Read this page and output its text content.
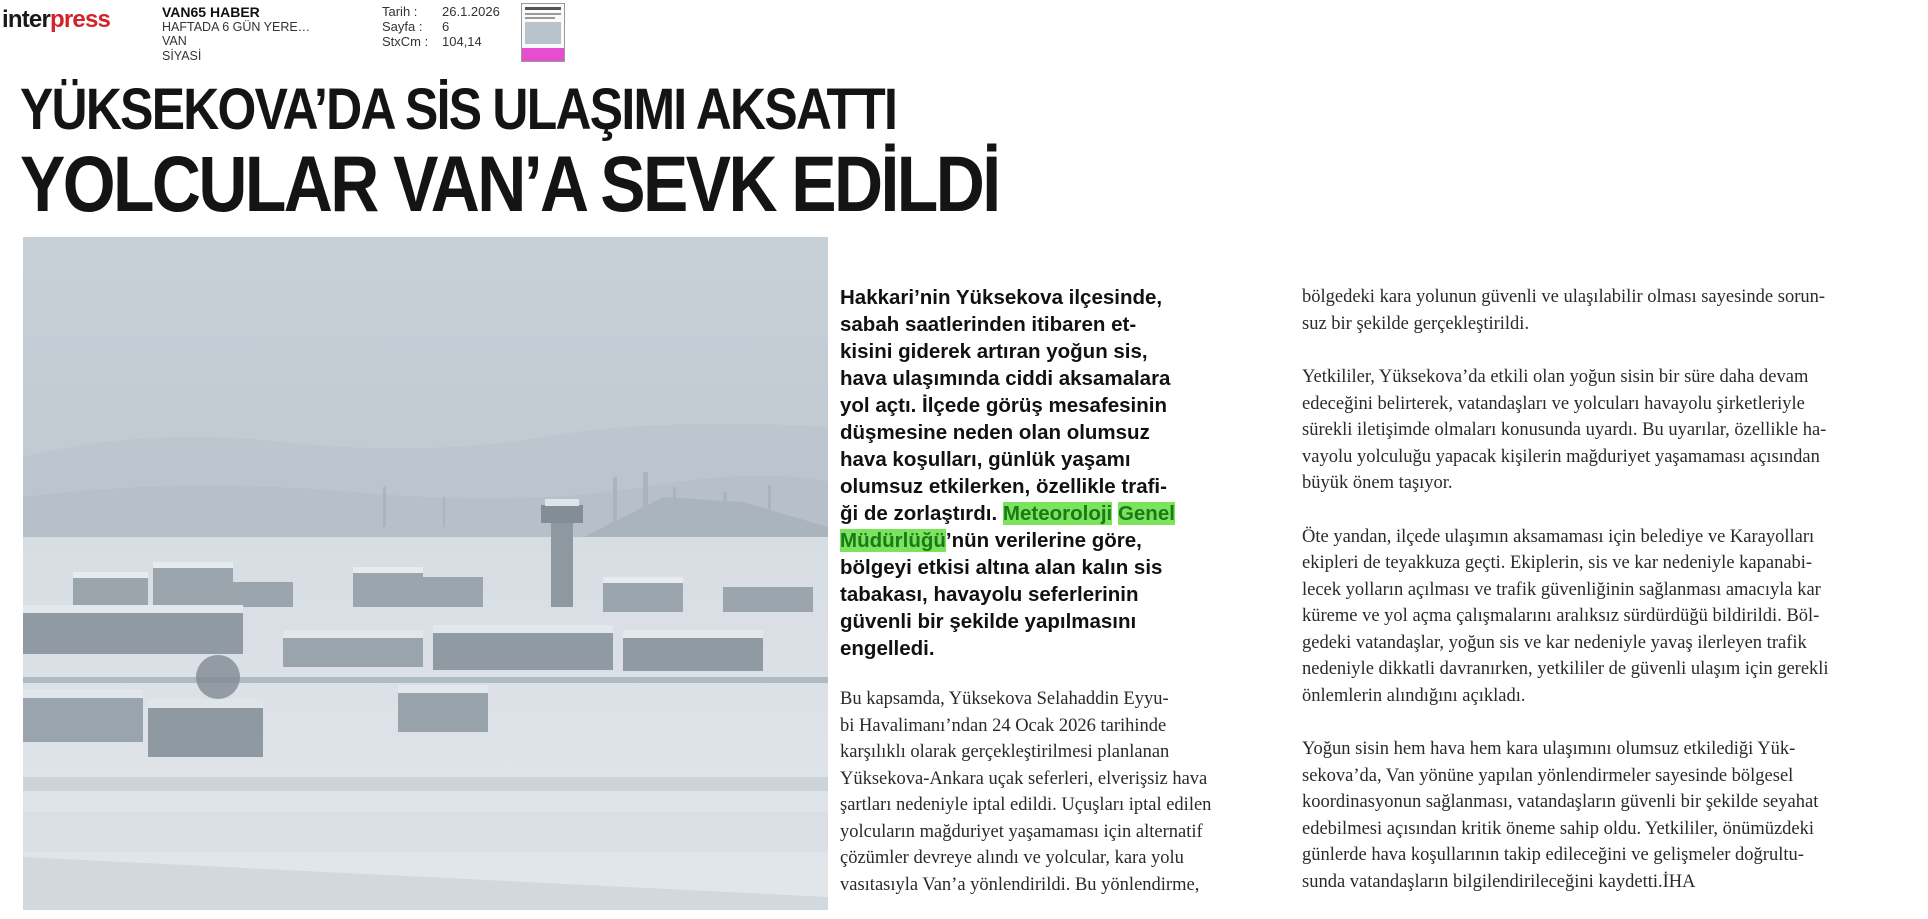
interpress	VAN65 HABER
HAFTADA 6 GÜN YERE…
VAN
SİYASİ
Tarih :	26.1.2026
Sayfa :	6
StxCm :	104,14
YÜKSEKOVA’DA SİS ULAŞIMI AKSATTI
YOLCULAR VAN’A SEVK EDİLDİ

Hakkari’nin Yüksekova ilçesinde,
sabah saatlerinden itibaren et-
kisini giderek artıran yoğun sis,
hava ulaşımında ciddi aksamalara
yol açtı. İlçede görüş mesafesinin
düşmesine neden olan olumsuz
hava koşulları, günlük yaşamı
olumsuz etkilerken, özellikle trafi-
ği de zorlaştırdı. Meteoroloji Genel
Müdürlüğü’nün verilerine göre,
bölgeyi etkisi altına alan kalın sis
tabakası, havayolu seferlerinin
güvenli bir şekilde yapılmasını
engelledi.

Bu kapsamda, Yüksekova Selahaddin Eyyu-
bi Havalimanı’ndan 24 Ocak 2026 tarihinde
karşılıklı olarak gerçekleştirilmesi planlanan
Yüksekova-Ankara uçak seferleri, elverişsiz hava
şartları nedeniyle iptal edildi. Uçuşları iptal edilen
yolcuların mağduriyet yaşamaması için alternatif
çözümler devreye alındı ve yolcular, kara yolu
vasıtasıyla Van’a yönlendirildi. Bu yönlendirme,

bölgedeki kara yolunun güvenli ve ulaşılabilir olması sayesinde sorun-
suz bir şekilde gerçekleştirildi.

Yetkililer, Yüksekova’da etkili olan yoğun sisin bir süre daha devam
edeceğini belirterek, vatandaşları ve yolcuları havayolu şirketleriyle
sürekli iletişimde olmaları konusunda uyardı. Bu uyarılar, özellikle ha-
vayolu yolculuğu yapacak kişilerin mağduriyet yaşamaması açısından
büyük önem taşıyor.

Öte yandan, ilçede ulaşımın aksamaması için belediye ve Karayolları
ekipleri de teyakkuza geçti. Ekiplerin, sis ve kar nedeniyle kapanabi-
lecek yolların açılması ve trafik güvenliğinin sağlanması amacıyla kar
küreme ve yol açma çalışmalarını aralıksız sürdürdüğü bildirildi. Böl-
gedeki vatandaşlar, yoğun sis ve kar nedeniyle yavaş ilerleyen trafik
nedeniyle dikkatli davranırken, yetkililer de güvenli ulaşım için gerekli
önlemlerin alındığını açıkladı.

Yoğun sisin hem hava hem kara ulaşımını olumsuz etkilediği Yük-
sekova’da, Van yönüne yapılan yönlendirmeler sayesinde bölgesel
koordinasyonun sağlanması, vatandaşların güvenli bir şekilde seyahat
edebilmesi açısından kritik öneme sahip oldu. Yetkililer, önümüzdeki
günlerde hava koşullarının takip edileceğini ve gelişmeler doğrultu-
sunda vatandaşların bilgilendirileceğini kaydetti.İHA
